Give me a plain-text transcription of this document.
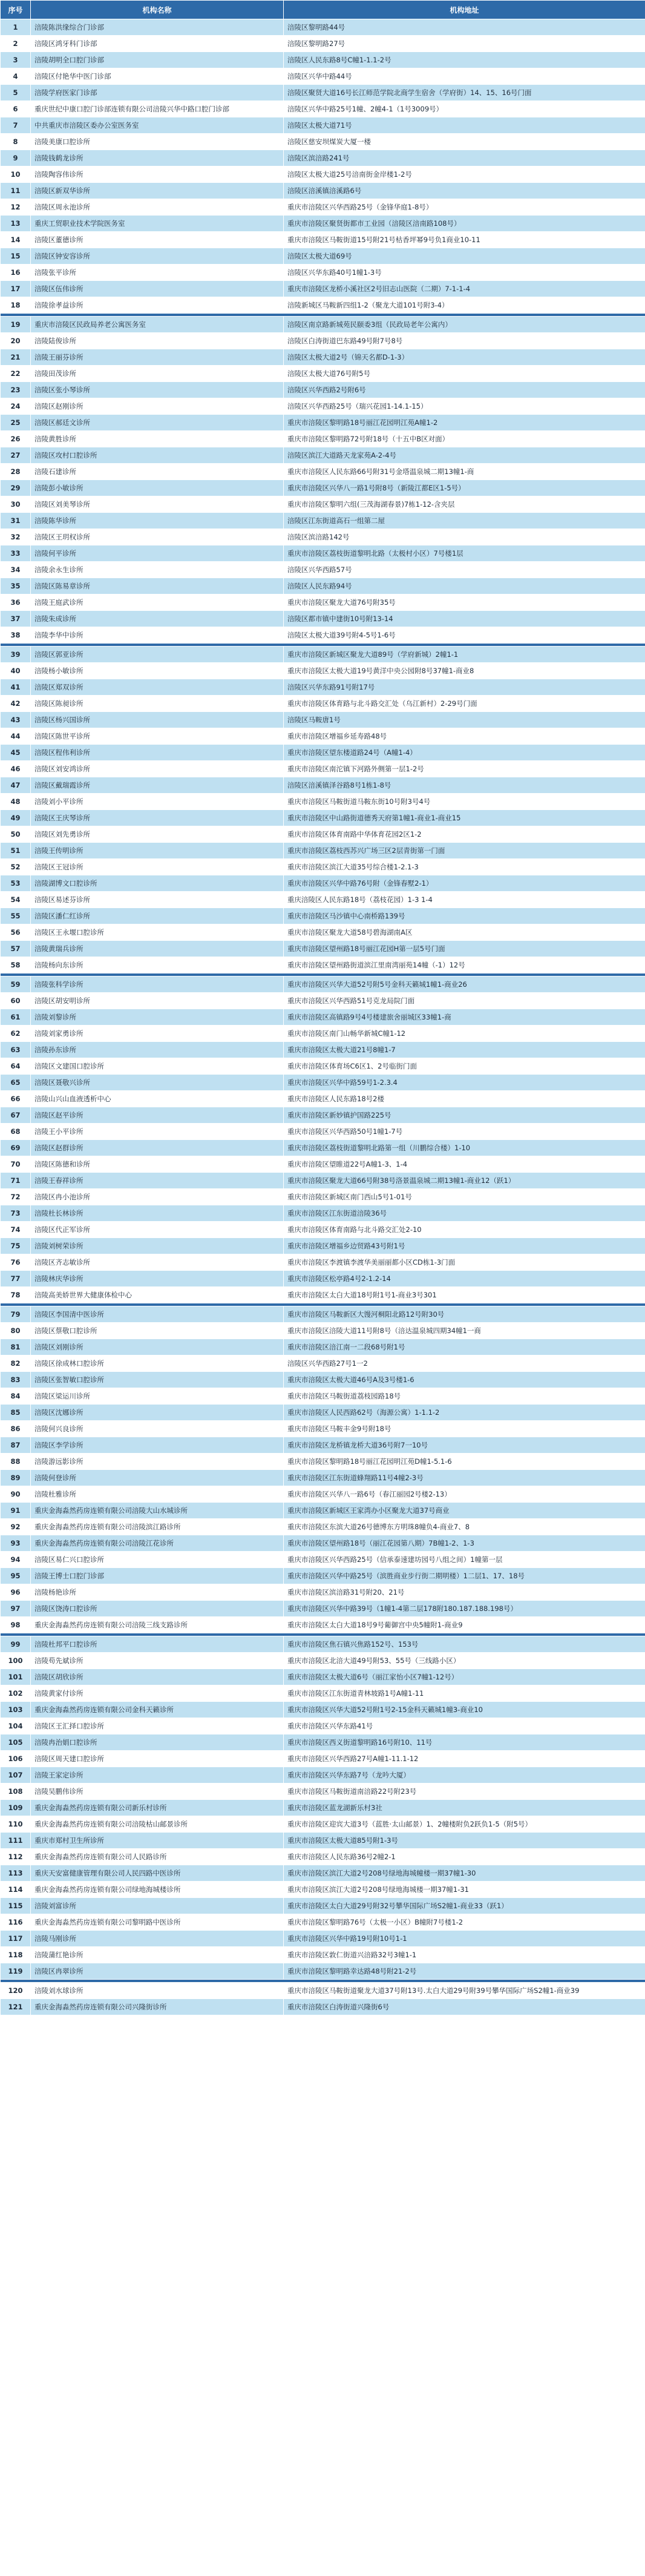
序号	机构名称	机构地址
1	涪陵陈洪缘综合门诊部	涪陵区黎明路44号
2	涪陵区鸿牙科门诊部	涪陵区黎明路27号
3	涪陵胡明全口腔门诊部	涪陵区人民东路8号C幢1-1.1-2号
4	涪陵区付艳华中医门诊部	涪陵区兴华中路44号
5	涪陵学府医家门诊部	涪陵区聚贤大道16号长江师范学院北商学生宿舍（学府街）14、15、16号门面
6	重庆世纪中康口腔门诊部连锁有限公司涪陵兴华中路口腔门诊部	涪陵区兴华中路25号1幢、2幢4-1（1号3009号）
7	中共重庆市涪陵区委办公室医务室	涪陵区太极大道71号
8	涪陵美康口腔诊所	涪陵区慈安坝煤炭大厦一楼
9	涪陵钱鹤龙诊所	涪陵区滨涪路241号
10	涪陵陶容伟诊所	涪陵区太极大道25号涪南街金岸楼1-2号
11	涪陵区新双华诊所	涪陵区涪溪镇涪溪路6号
12	涪陵区周永池诊所	重庆市涪陵区兴华西路25号（金锋华庭1-8号）
13	重庆工贸职业技术学院医务室	重庆市涪陵区聚贤街都市工业园（涪陵区涪南路108号）
14	涪陵区董德诊所	重庆市涪陵区马鞍街道15号附21号枯香坪幂9号负1商业10-11
15	涪陵区钟安容诊所	涪陵区太极大道69号
16	涪陵张平诊所	涪陵区兴华东路40号1幢1-3号
17	涪陵区伍伟诊所	重庆市涪陵区龙桥小溪社区2号旧志山医院（二期）7-1-1-4
18	涪陵徐孝益诊所	涪陵新城区马鞍新四组1-2（聚龙大道101号附3-4）

19	重庆市涪陵区民政局养老公寓医务室	涪陵区南京路新城苑民颐委3组（民政局老年公寓内）
20	涪陵陆俊诊所	涪陵区白涛街道巴东路49号附7号8号
21	涪陵王丽芬诊所	涪陵区太极大道2号（锦天名都D-1-3）
22	涪陵田茂诊所	涪陵区太极大道76号附5号
23	涪陵区张小琴诊所	涪陵区兴华西路2号附6号
24	涪陵区赵刚诊所	涪陵区兴华西路25号（瑞兴花园1-14.1-15）
25	涪陵区郝廷文诊所	重庆市涪陵区黎明路18号丽江花园明江苑A幢1-2
26	涪陵黄胜诊所	重庆市涪陵区黎明路72号附18号（十五中B区对面）
27	涪陵区攻村口腔诊所	涪陵区滨江大道路天龙家苑A-2-4号
28	涪陵石建诊所	重庆市涪陵区人民东路66号附31号金塔温泉城二期13幢1-商
29	涪陵彭小敏诊所	重庆市涪陵区兴华八一路1号附8号（新陵江都E区1-5号）
30	涪陵区刘美琴诊所	重庆市涪陵区黎明六组(三茂海湖春景)7栋1-12-含夹层
31	涪陵陈华诊所	涪陵区江东街道高石一组第二屋
32	涪陵区王玥权诊所	涪陵区滨涪路142号
33	涪陵何平诊所	重庆市涪陵区荔枝街道黎明北路（太极村小区）7号楼1层
34	涪陵余永生诊所	涪陵区兴华西路57号
35	涪陵区陈易章诊所	涪陵区人民东路94号
36	涪陵王庭武诊所	重庆市涪陵区聚龙大道76号附35号
37	涪陵朱成诊所	涪陵区都市镇中建街10号附13-14
38	涪陵李华中诊所	涪陵区太极大道39号附4-5号1-6号

39	涪陵区郭亚诊所	重庆市涪陵区新城区聚龙大道89号（学府新城）2幢1-1
40	涪陵杨小敏诊所	重庆市涪陵区太极大道19号黄洋中央公园附8号37幢1-商业8
41	涪陵区郑双诊所	涪陵区兴华东路91号附17号
42	涪陵区陈昶诊所	重庆市涪陵区体育路与北斗路交汇处（乌江新村）2-29号门面
43	涪陵区杨兴国诊所	涪陵区马鞍唐1号
44	涪陵区陈世平诊所	重庆市涪陵区增福乡延寿路48号
45	涪陵区程伟利诊所	重庆市涪陵区望东楼道路24号（A幢1-4）
46	涪陵区刘安鸿诊所	重庆市涪陵区南沱镇下河路外侧第一层1-2号
47	涪陵区戴瑞霞诊所	涪陵区涪溪镇泽谷路8号1栋1-8号
48	涪陵刘小平诊所	重庆市涪陵区马鞍街道马鞍东街10号附3号4号
49	涪陵区王庆琴诊所	重庆市涪陵区中山路街道德秀天府第1幢1-商业1-商业15
50	涪陵区刘先勇诊所	重庆市涪陵区体育南路中华体育花园2区1-2
51	涪陵王传明诊所	重庆市涪陵区荔枝西苏兴广场三区2层青街第一门面
52	涪陵区王冠诊所	重庆市涪陵区滨江大道35号综合楼1-2.1-3
53	涪陵湖博文口腔诊所	重庆市涪陵区兴华中路76号附（金锋春墅2-1）
54	涪陵区易述芬诊所	重庆涪陵区人民东路18号（荔枝花园）1-3 1-4
55	涪陵区潘仁红诊所	重庆市涪陵区马沙镇中心南桥路139号
56	涪陵区王永堰口腔诊所	重庆市涪陵区聚龙大道58号碧海湖南A区
57	涪陵黄瑞兵诊所	重庆市涪陵区望州路18号丽江花园H第一层5号门面
58	涪陵杨向东诊所	重庆市涪陵区望州路街道滨江里南湾丽苑14幢（-1）12号

59	涪陵张科学诊所	重庆市涪陵区兴华大道52号附5号金科天籁城1幢1-商业26
60	涪陵区胡安明诊所	重庆市涪陵区兴华西路51号克龙局院门面
61	涪陵刘黎诊所	重庆市涪陵区高镇路9号4号楼建旅舍丽城区33幢1-商
62	涪陵刘家勇诊所	重庆市涪陵区南门山畅华新城C幢1-12
63	涪陵孙东诊所	重庆市涪陵区太极大道21号8幢1-7
64	涪陵区文建国口腔诊所	重庆市涪陵区体育场C6区1、2号临街门面
65	涪陵区聂敬兴诊所	重庆市涪陵区兴华中路59号1-2.3.4
66	涪陵山兴山血液透析中心	重庆市涪陵区人民东路18号2楼
67	涪陵区赵平诊所	重庆市涪陵区新妙镇护国路225号
68	涪陵王小平诊所	重庆市涪陵区兴华西路50号1幢1-7号
69	涪陵区赵群诊所	重庆市涪陵区荔枝街道黎明北路第一组（川鹏综合楼）1-10
70	涪陵区陈德和诊所	重庆市涪陵区望睢道22号A幢1-3、1-4
71	涪陵王春祥诊所	重庆市涪陵区聚龙大道66号附38号洛景温泉城二期13幢1-商业12（跃1）
72	涪陵区冉小池诊所	重庆市涪陵区新城区南门西山5号1-01号
73	涪陵杜长林诊所	重庆市涪陵区江东街道涪陵36号
74	涪陵区代正军诊所	重庆市涪陵区体育南路与北斗路交汇处2-10
75	涪陵刘树荣诊所	重庆市涪陵区增福乡边贸路43号附1号
76	涪陵区齐志敏诊所	重庆市涪陵区李渡镇李渡华美丽丽都小区CD栋1-3门面
77	涪陵林庆华诊所	重庆市涪陵区松亭路4号2-1.2-14
78	涪陵高美娇世界大健康体检中心	重庆市涪陵区太白大道18号附1号1-商业3号301

79	涪陵区李国清中医诊所	重庆市涪陵区马鞍新区大馒河桐阳北路12号附30号
80	涪陵区蔡敬口腔诊所	重庆市涪陵区涪陵大道11号附8号（涪达温泉城四期34幢1一商
81	涪陵区刘刚诊所	重庆市涪陵区涪江南一二段68号附1号
82	涪陵区徐成林口腔诊所	涪陵区兴华西路27号1一2
83	涪陵区张智敏口腔诊所	重庆市涪陵区太极大道46号A及3号楼1-6
84	涪陵区梁运川诊所	重庆市涪陵区马鞍街道荔枝园路18号
85	涪陵区沈娜诊所	重庆市涪陵区人民西路62号（海源公寓）1-1.1-2
86	涪陵何兴良诊所	重庆市涪陵区马鞍丰金9号附18号
87	涪陵区李学诊所	重庆市涪陵区龙桥镇龙桥大道36号附7一10号
88	涪陵游远影诊所	重庆市涪陵区黎明路18号丽江花园明江苑D幢1-5.1-6
89	涪陵何登诊所	重庆市涪陵区江东街道蜂翔路11号4幢2-3号
90	涪陵杜雅诊所	重庆市涪陵区兴华八一路6号（春江丽园2号楼2-13）
91	重庆金海淼然药房连锁有限公司涪陵大山水城诊所	重庆市涪陵区新城区王家湾办小区聚龙大道37号商业
92	重庆金海淼然药房连锁有限公司涪陵滨江路诊所	重庆市涪陵区东滨大道26号德博东方明珠8幢负4-商业7、8
93	重庆金海淼然药房连锁有限公司涪陵江花诊所	重庆市涪陵区望州路18号（丽江花园第八期）7B幢1-2、1-3
94	涪陵区易仁兴口腔诊所	重庆市涪陵区兴华西路25号（信承泰速建坊园号八组之间）1幢第一层
95	涪陵王博士口腔门诊部	重庆市涪陵区兴华中路25号（滨胜商业步行街二期明楼）1二层1、17、18号
96	涪陵杨艳诊所	重庆市涪陵区滨涪路31号附20、21号
97	涪陵区饶涛口腔诊所	重庆市涪陵区兴华中路39号（1幢1-4第二层178附180.187.188.198号）
98	重庆金海淼然药房连锁有限公司涪陵三线支路诊所	重庆市涪陵区太白大道18号9号葡御宫中央5幢附1-商业9

99	涪陵杜邦平口腔诊所	重庆市涪陵区焦石镇兴焦路152号、153号
100	涪陵苟先斌诊所	重庆市涪陵区北涪大道49号附53、55号（三线路小区）
101	涪陵区胡欣诊所	重庆市涪陵区太极大道6号（丽江家怡小区7幢1-12号）
102	涪陵黄家付诊所	重庆市涪陵区江东街道青林坡路1号A幢1-11
103	重庆金海淼然药房连锁有限公司金科天籁诊所	重庆市涪陵区兴华大道52号附1号2-15金科天籁城1幢3-商业10
104	涪陵区王汇择口腔诊所	重庆市涪陵区兴华东路41号
105	涪陵冉治娟口腔诊所	重庆市涪陵区西义街道黎明路16号附10、11号
106	涪陵区周天建口腔诊所	重庆市涪陵区兴华西路27号A幢1-11.1-12
107	涪陵王家定诊所	重庆市涪陵区兴华东路7号（龙吟大厦）
108	涪陵吴鹏伟诊所	重庆市涪陵区马鞍街道南涪路22号附23号
109	重庆金海淼然药房连锁有限公司新乐村诊所	重庆市涪陵区蓝龙湖新乐村3社
110	重庆金海淼然药房连锁有限公司涪陵枯山邮景诊所	重庆市涪陵区迎宾大道3号（蓝胜·太山邮景）1、2幢楼附负2跃负1-5（附5号）
111	重庆市郑村卫生所诊所	重庆市涪陵区太极大道85号附1-3号
112	重庆金海淼然药房连锁有限公司人民路诊所	重庆市涪陵区人民东路36号2幢2-1
113	重庆天安富健康管理有限公司人民四路中医诊所	重庆市涪陵区滨江大道2号208号绿地海城幢楼一期37幢1-30
114	重庆金海淼然药房连锁有限公司绿地海城楼诊所	重庆市涪陵区滨江大道2号208号绿地海城楼一期37幢1-31
115	涪陵刘富诊所	重庆市涪陵区太白大道29号附32号攀华国际广场S2幢1-商业33（跃1）
116	重庆金海淼然药房连锁有限公司黎明路中医诊所	重庆市涪陵区黎明路76号（太极一小区）B幢附7号楼1-2
117	涪陵马刚诊所	重庆市涪陵区兴华中路19号附10号1-1
118	涪陵蒲红艳诊所	重庆市涪陵区敦仁街道兴涪路32号3幢1-1
119	涪陵区冉翠诊所	重庆市涪陵区黎明路幸达路48号附21-2号

120	涪陵刘水球诊所	重庆市涪陵区马鞍街道聚龙大道37号附13号.太白大道29号附39号攀华国际广场S2幢1-商业39
121	重庆金海淼然药房连锁有限公司兴隆街诊所	重庆市涪陵区白涛街道兴隆街6号
